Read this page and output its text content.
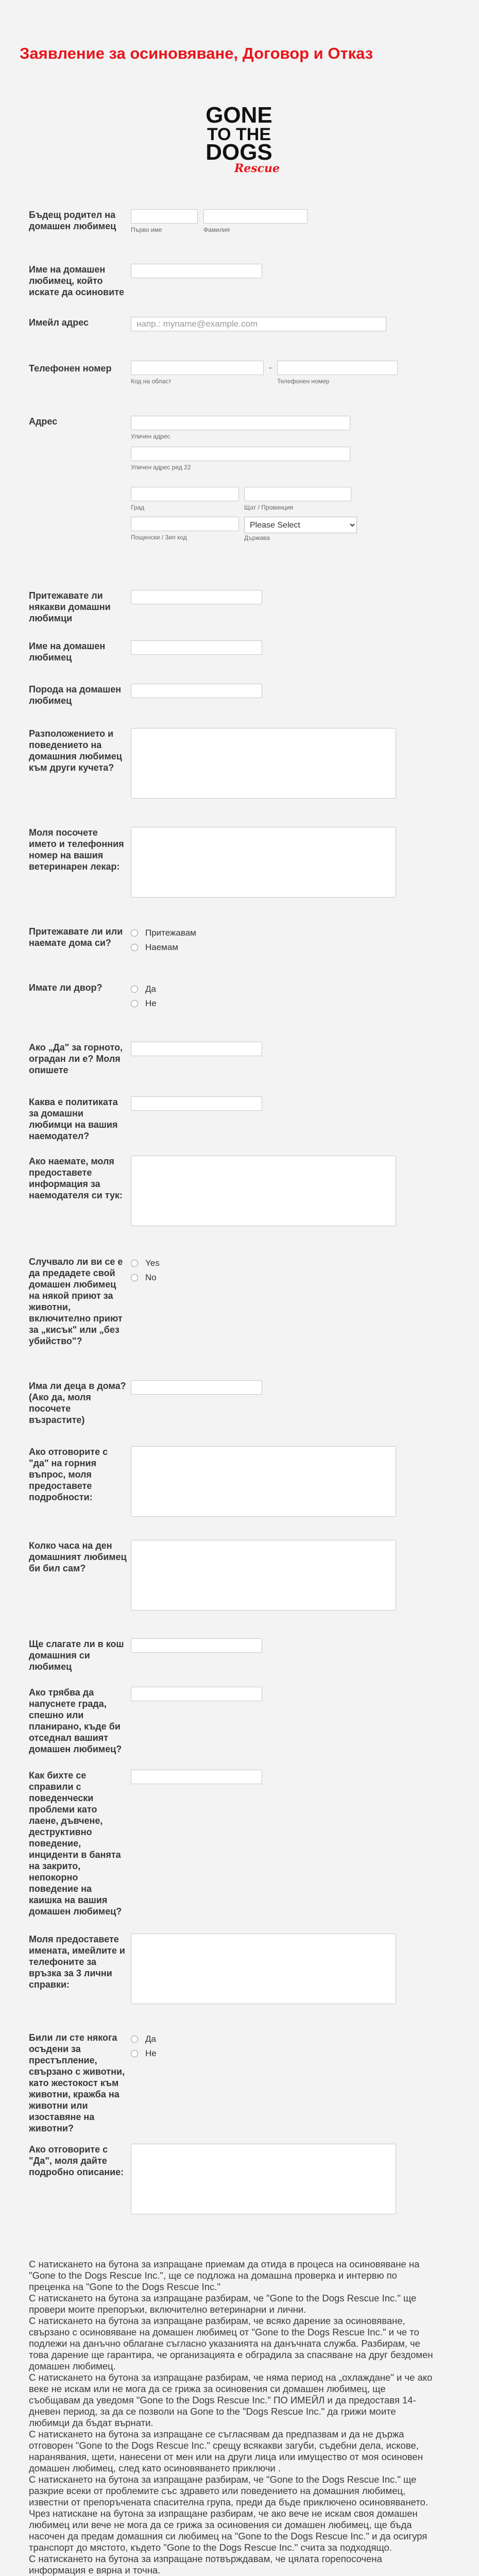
Заявление за осиновяване, Договор и Отказ
GONE
TO THE
DOGS
Rescue
Бъдещ родител на домашен любимец	Първо име	Фамилия
Име на домашен любимец, който искате да осиновите
Имейл адрес
напр.: myname@example.com
Телефонен номер
Код на област
-
Телефонен номер
Адрес
Уличен адрес
Уличен адрес ред 22
Град	Щат / Провинция
Пощенски / Зип код
Please Select	Държава
Притежавате ли някакви домашни любимци
Име на домашен любимец
Порода на домашен любимец
Разположението и поведението на домашния любимец към други кучета?
Моля посочете името и телефонния номер на вашия ветеринарен лекар:
Притежавате ли или наемате дома си?
Притежавам
Наемам
Имате ли двор?	Да
Не
Ако „Да" за горното, оградан ли е? Моля опишете
Каква е политиката за домашни любимци на вашия наемодател?
Ако наемате, моля предоставете информация за наемодателя си тук:
Случвало ли ви се е да предадете свой домашен любимец на някой приют за животни, включително приют за „кисък" или „без убийство"?
Yes
No
Има ли деца в дома? (Ако да, моля посочете възрастите)
Ако отговорите с "да" на горния въпрос, моля предоставете подробности:
Колко часа на ден домашният любимец би бил сам?
Ще слагате ли в кош домашния си любимец
Ако трябва да напуснете града, спешно или планирано, къде би отседнал вашият домашен любимец?
Как бихте се справили с поведенчески проблеми като лаене, дъвчене, деструктивно поведение, инциденти в банята на закрито, непокорно поведение на каишка на вашия домашен любимец?
Моля предоставете имената, имейлите и телефоните за връзка за 3 лични справки:
Били ли сте някога осъдени за престъпление, свързано с животни, като жестокост към животни, кражба на животни или изоставяне на животни?
Да
Не
Ако отговорите с "Да", моля дайте подробно описание:

С натискането на бутона за изпращане приемам да отида в процеса на осиновяване на "Gone to the Dogs Rescue Inc.", ще се подложа на домашна проверка и интервю по преценка на "Gone to the Dogs Rescue Inc."

С натискането на бутона за изпращане разбирам, че "Gone to the Dogs Rescue Inc." ще провери моите препоръки, включително ветеринарни и лични.

С натискането на бутона за изпращане разбирам, че всяко дарение за осиновяване, свързано с осиновяване на домашен любимец от "Gone to the Dogs Rescue Inc." и че то подлежи на данъчно облагане съгласно указанията на данъчната служба. Разбирам, че това дарение ще гарантира, че организацията е обградила за спасяване на друг бездомен домашен любимец.

С натискането на бутона за изпращане разбирам, че няма период на „охлаждане" и че ако веке не искам или не мога да се грижа за осиновения си домашен любимец, ще съобщавам да уведомя "Gone to the Dogs Rescue Inc." ПО ИМЕЙЛ и да предоставя 14-дневен период, за да се позволи на Gone to the "Dogs Rescue Inc." да грижи моите любимци да бъдат върнати.

С натискането на бутона за изпращане се съгласявам да предпазвам и да не държа отговорен "Gone to the Dogs Rescue Inc." срещу всякакви загуби, съдебни дела, искове, наранявания, щети, нанесени от мен или на други лица или имущество от моя осиновен домашен любимец, след като осиновяването приключи .

С натискането на бутона за изпращане разбирам, че "Gone to the Dogs Rescue Inc." ще разкрие всеки от проблемите със здравето или поведението на домашния любимец, известни от препоръчената спасителна група, преди да бъде приключено осиновяването.

Чрез натискане на бутона за изпращане разбирам, че ако вече не искам своя домашен любимец или вече не мога да се грижа за осиновения си домашен любимец, ще бъда насочен да предам домашния си любимец на "Gone to the Dogs Rescue Inc." и да осигуря транспорт до мястото, където "Gone to the Dogs Rescue Inc." счита за подходящо.

С натискането на бутона за изпращане потвърждавам, че цялата горепосочена информация е вярна и точна.
